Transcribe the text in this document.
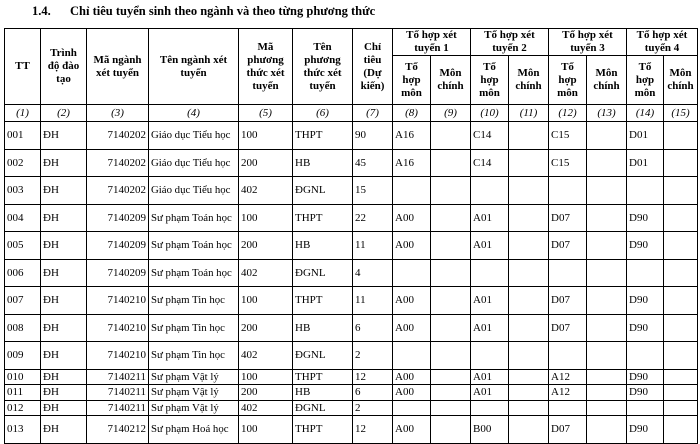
1.4. Chỉ tiêu tuyển sinh theo ngành và theo từng phương thức
TT	Trình độ đào tạo	Mã ngành xét tuyển	Tên ngành xét tuyển	Mã phương thức xét tuyển	Tên phương thức xét tuyển	Chỉ tiêu (Dự kiến)	Tổ hợp xét tuyển 1		Tổ hợp xét tuyển 2		Tổ hợp xét tuyển 3		Tổ hợp xét tuyển 4	
							Tổ hợp môn	Môn chính	Tổ hợp môn	Môn chính	Tổ hợp môn	Môn chính	Tổ hợp môn	Môn chính
(1)	(2)	(3)	(4)	(5)	(6)	(7)	(8)	(9)	(10)	(11)	(12)	(13)	(14)	(15)
001	ĐH	7140202	Giáo dục Tiểu học	100	THPT	90	A16		C14		C15		D01	
002	ĐH	7140202	Giáo dục Tiểu học	200	HB	45	A16		C14		C15		D01	
003	ĐH	7140202	Giáo dục Tiểu học	402	ĐGNL	15								
004	ĐH	7140209	Sư phạm Toán học	100	THPT	22	A00		A01		D07		D90	
005	ĐH	7140209	Sư phạm Toán học	200	HB	11	A00		A01		D07		D90	
006	ĐH	7140209	Sư phạm Toán học	402	ĐGNL	4								
007	ĐH	7140210	Sư phạm Tin học	100	THPT	11	A00		A01		D07		D90	
008	ĐH	7140210	Sư phạm Tin học	200	HB	6	A00		A01		D07		D90	
009	ĐH	7140210	Sư phạm Tin học	402	ĐGNL	2								
010	ĐH	7140211	Sư phạm Vật lý	100	THPT	12	A00		A01		A12		D90	
011	ĐH	7140211	Sư phạm Vật lý	200	HB	6	A00		A01		A12		D90	
012	ĐH	7140211	Sư phạm Vật lý	402	ĐGNL	2								
013	ĐH	7140212	Sư phạm Hoá học	100	THPT	12	A00		B00		D07		D90	
